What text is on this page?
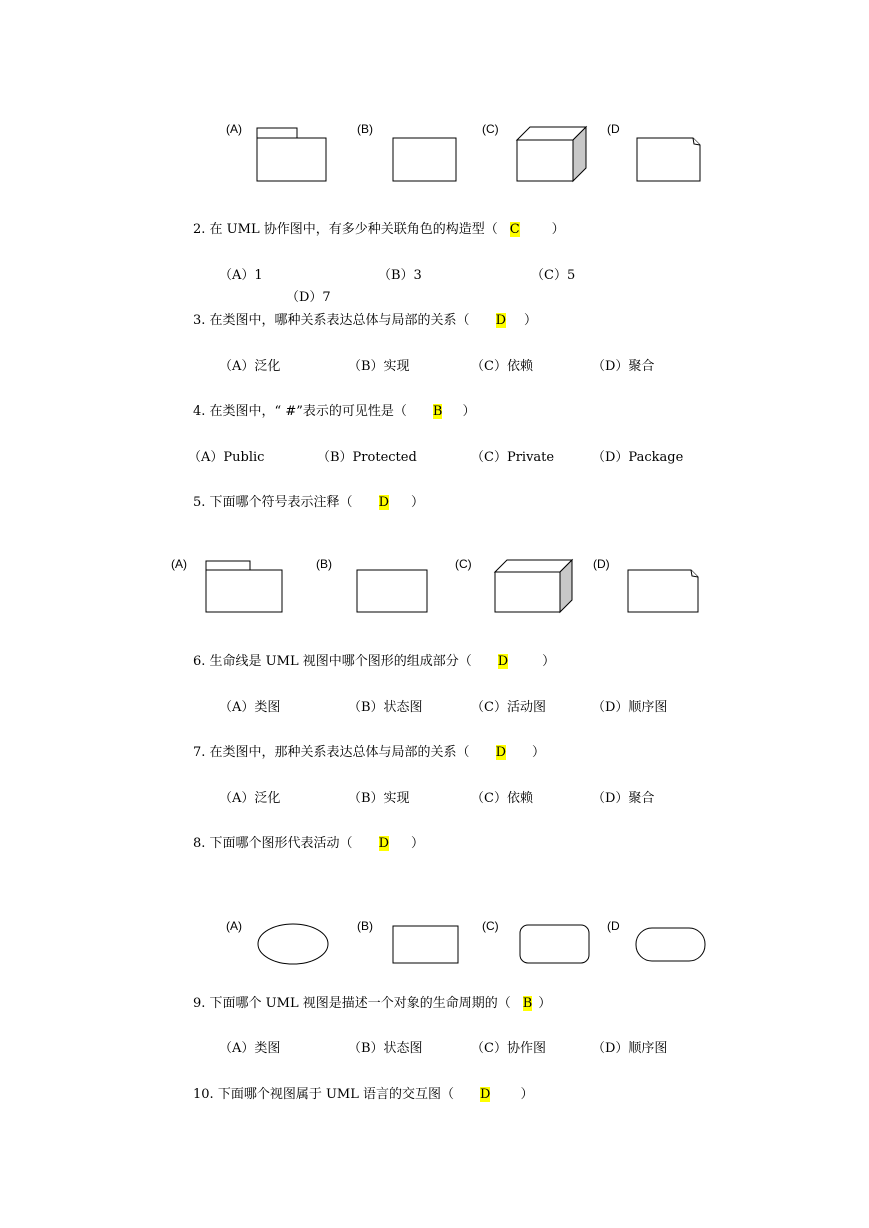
(A)	(B)	(C)	(D
2. 在 UML 协作图中，有多少种关联角色的构造型（ C ）
（A）1	（B）3	（C）5
（D）7
3. 在类图中，哪种关系表达总体与局部的关系（ D ）
（A）泛化	（B）实现	（C）依赖	（D）聚合
4. 在类图中，“ #”表示的可见性是（ B ）
（A）Public	（B）Protected	（C）Private	（D）Package
5. 下面哪个符号表示注释（ D ）
(A)	(B)	(C)	(D)
6. 生命线是 UML 视图中哪个图形的组成部分（ D	）
（A）类图	（B）状态图	（C）活动图	（D）顺序图
7. 在类图中，那种关系表达总体与局部的关系（ D ）
（A）泛化	（B）实现	（C）依赖	（D）聚合
8. 下面哪个图形代表活动（ D ）
(A)	(B)	(C)	(D
9. 下面哪个 UML 视图是描述一个对象的生命周期的（ B ）
（A）类图	（B）状态图	（C）协作图	（D）顺序图
10. 下面哪个视图属于 UML 语言的交互图（ D ）
